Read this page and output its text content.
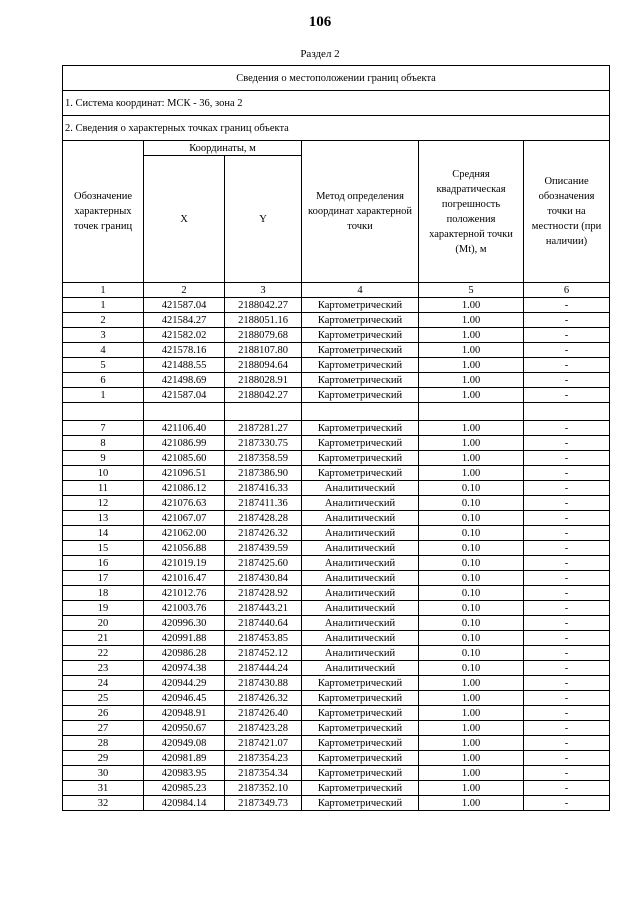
106
Раздел 2
Сведения о местоположении границ объекта					
1. Система координат: МСК - 36, зона 2					
2. Сведения о характерных точках границ объекта					
Обозначение характерных точек границ	Координаты, м		Метод определения координат характерной точки	Средняя квадратическая погрешность положения характерной точки (Mt), м	Описание обозначения точки на местности (при наличии)
	X	Y			
1	2	3	4	5	6
1	421587.04	2188042.27	Картометрический	1.00	-
2	421584.27	2188051.16	Картометрический	1.00	-
3	421582.02	2188079.68	Картометрический	1.00	-
4	421578.16	2188107.80	Картометрический	1.00	-
5	421488.55	2188094.64	Картометрический	1.00	-
6	421498.69	2188028.91	Картометрический	1.00	-
1	421587.04	2188042.27	Картометрический	1.00	-

7	421106.40	2187281.27	Картометрический	1.00	-
8	421086.99	2187330.75	Картометрический	1.00	-
9	421085.60	2187358.59	Картометрический	1.00	-
10	421096.51	2187386.90	Картометрический	1.00	-
11	421086.12	2187416.33	Аналитический	0.10	-
12	421076.63	2187411.36	Аналитический	0.10	-
13	421067.07	2187428.28	Аналитический	0.10	-
14	421062.00	2187426.32	Аналитический	0.10	-
15	421056.88	2187439.59	Аналитический	0.10	-
16	421019.19	2187425.60	Аналитический	0.10	-
17	421016.47	2187430.84	Аналитический	0.10	-
18	421012.76	2187428.92	Аналитический	0.10	-
19	421003.76	2187443.21	Аналитический	0.10	-
20	420996.30	2187440.64	Аналитический	0.10	-
21	420991.88	2187453.85	Аналитический	0.10	-
22	420986.28	2187452.12	Аналитический	0.10	-
23	420974.38	2187444.24	Аналитический	0.10	-
24	420944.29	2187430.88	Картометрический	1.00	-
25	420946.45	2187426.32	Картометрический	1.00	-
26	420948.91	2187426.40	Картометрический	1.00	-
27	420950.67	2187423.28	Картометрический	1.00	-
28	420949.08	2187421.07	Картометрический	1.00	-
29	420981.89	2187354.23	Картометрический	1.00	-
30	420983.95	2187354.34	Картометрический	1.00	-
31	420985.23	2187352.10	Картометрический	1.00	-
32	420984.14	2187349.73	Картометрический	1.00	-
